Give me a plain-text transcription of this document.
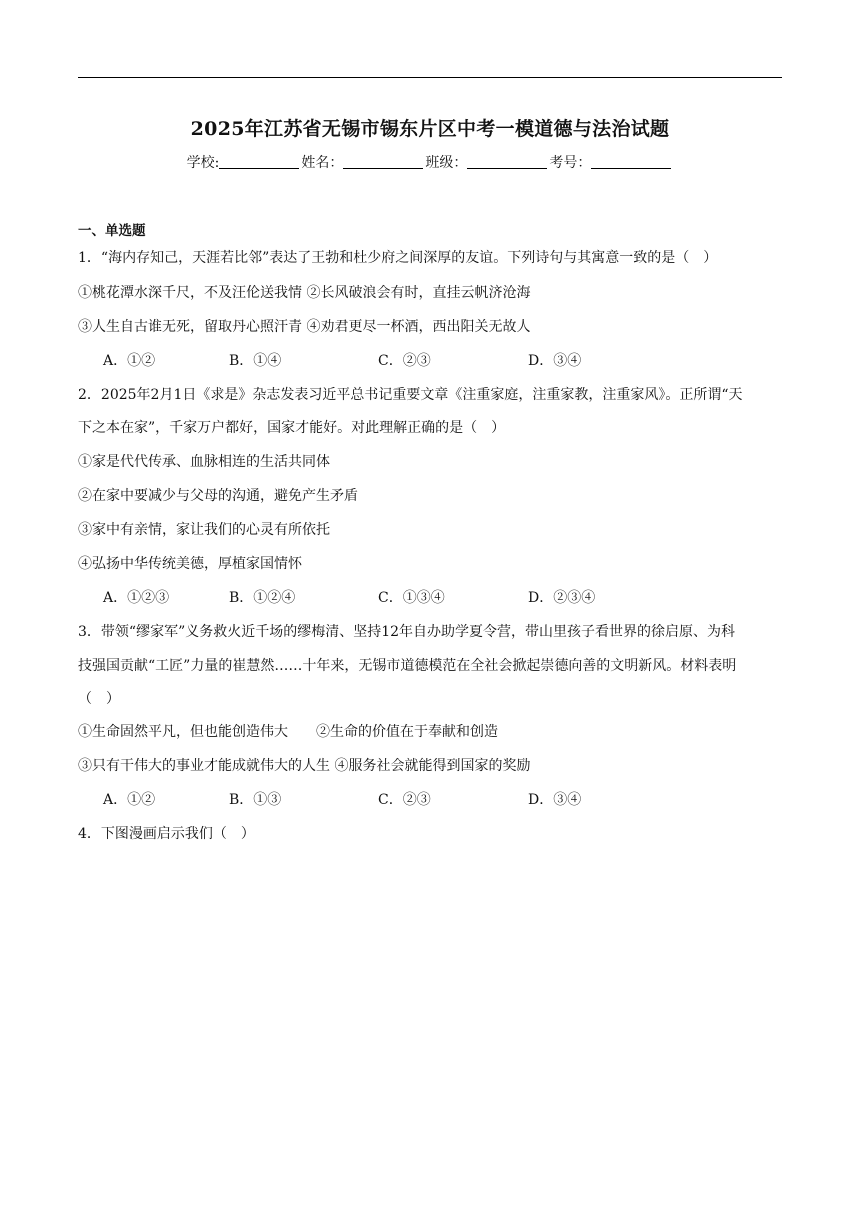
2025年江苏省无锡市锡东片区中考一模道德与法治试题
学校:	姓名：	班级：	考号：
一、单选题
1．“海内存知己，天涯若比邻”表达了王勃和杜少府之间深厚的友谊。下列诗句与其寓意一致的是（　）
①桃花潭水深千尺，不及汪伦送我情 ②长风破浪会有时，直挂云帆济沧海
③人生自古谁无死，留取丹心照汗青 ④劝君更尽一杯酒，西出阳关无故人
A．①②	B．①④	C．②③	D．③④
2．2025年2月1日《求是》杂志发表习近平总书记重要文章《注重家庭，注重家教，注重家风》。正所谓“天
下之本在家”，千家万户都好，国家才能好。对此理解正确的是（　）
①家是代代传承、血脉相连的生活共同体
②在家中要减少与父母的沟通，避免产生矛盾
③家中有亲情，家让我们的心灵有所依托
④弘扬中华传统美德，厚植家国情怀
A．①②③	B．①②④	C．①③④	D．②③④
3．带领“缪家军”义务救火近千场的缪梅清、坚持12年自办助学夏令营，带山里孩子看世界的徐启原、为科
技强国贡献“工匠”力量的崔慧然……十年来，无锡市道德模范在全社会掀起崇德向善的文明新风。材料表明
（　）
①生命固然平凡，但也能创造伟大　　②生命的价值在于奉献和创造
③只有干伟大的事业才能成就伟大的人生 ④服务社会就能得到国家的奖励
A．①②	B．①③	C．②③	D．③④
4．下图漫画启示我们（　）
